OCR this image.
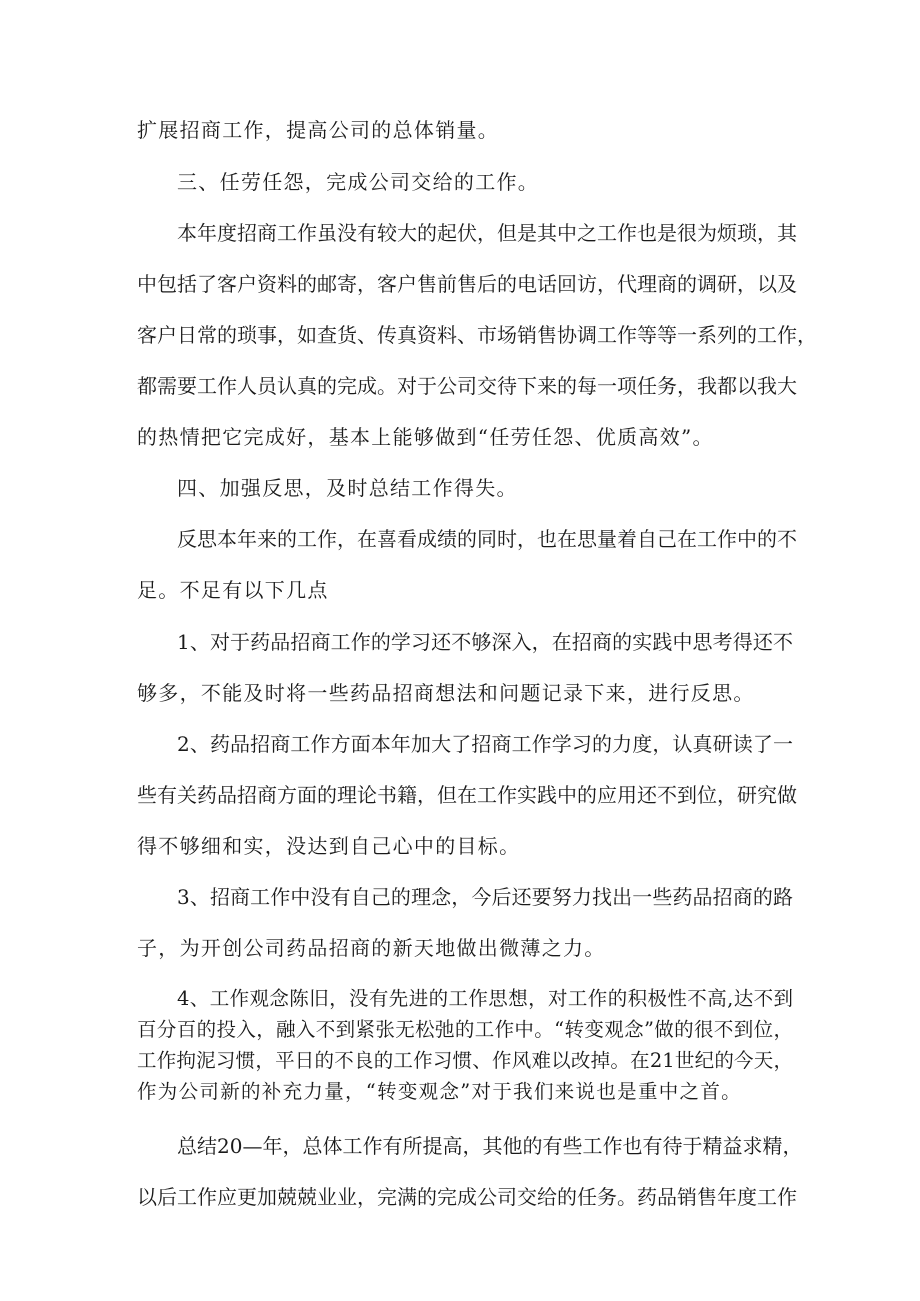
扩展招商工作，提高公司的总体销量。
三、任劳任怨，完成公司交给的工作。
本年度招商工作虽没有较大的起伏，但是其中之工作也是很为烦琐，其
中包括了客户资料的邮寄，客户售前售后的电话回访，代理商的调研，以及
客户日常的琐事，如查货、传真资料、市场销售协调工作等等一系列的工作，
都需要工作人员认真的完成。对于公司交待下来的每一项任务，我都以我大
的热情把它完成好，基本上能够做到“任劳任怨、优质高效”。
四、加强反思，及时总结工作得失。
反思本年来的工作，在喜看成绩的同时，也在思量着自己在工作中的不
足。不足有以下几点
1、对于药品招商工作的学习还不够深入，在招商的实践中思考得还不
够多，不能及时将一些药品招商想法和问题记录下来，进行反思。
2、药品招商工作方面本年加大了招商工作学习的力度，认真研读了一
些有关药品招商方面的理论书籍，但在工作实践中的应用还不到位，研究做
得不够细和实，没达到自己心中的目标。
3、招商工作中没有自己的理念，今后还要努力找出一些药品招商的路
子，为开创公司药品招商的新天地做出微薄之力。
4、工作观念陈旧，没有先进的工作思想，对工作的积极性不高,达不到
百分百的投入，融入不到紧张无松弛的工作中。“转变观念”做的很不到位，
工作拘泥习惯，平日的不良的工作习惯、作风难以改掉。在21世纪的今天，
作为公司新的补充力量，“转变观念”对于我们来说也是重中之首。
总结20—年，总体工作有所提高，其他的有些工作也有待于精益求精，
以后工作应更加兢兢业业，完满的完成公司交给的任务。药品销售年度工作
